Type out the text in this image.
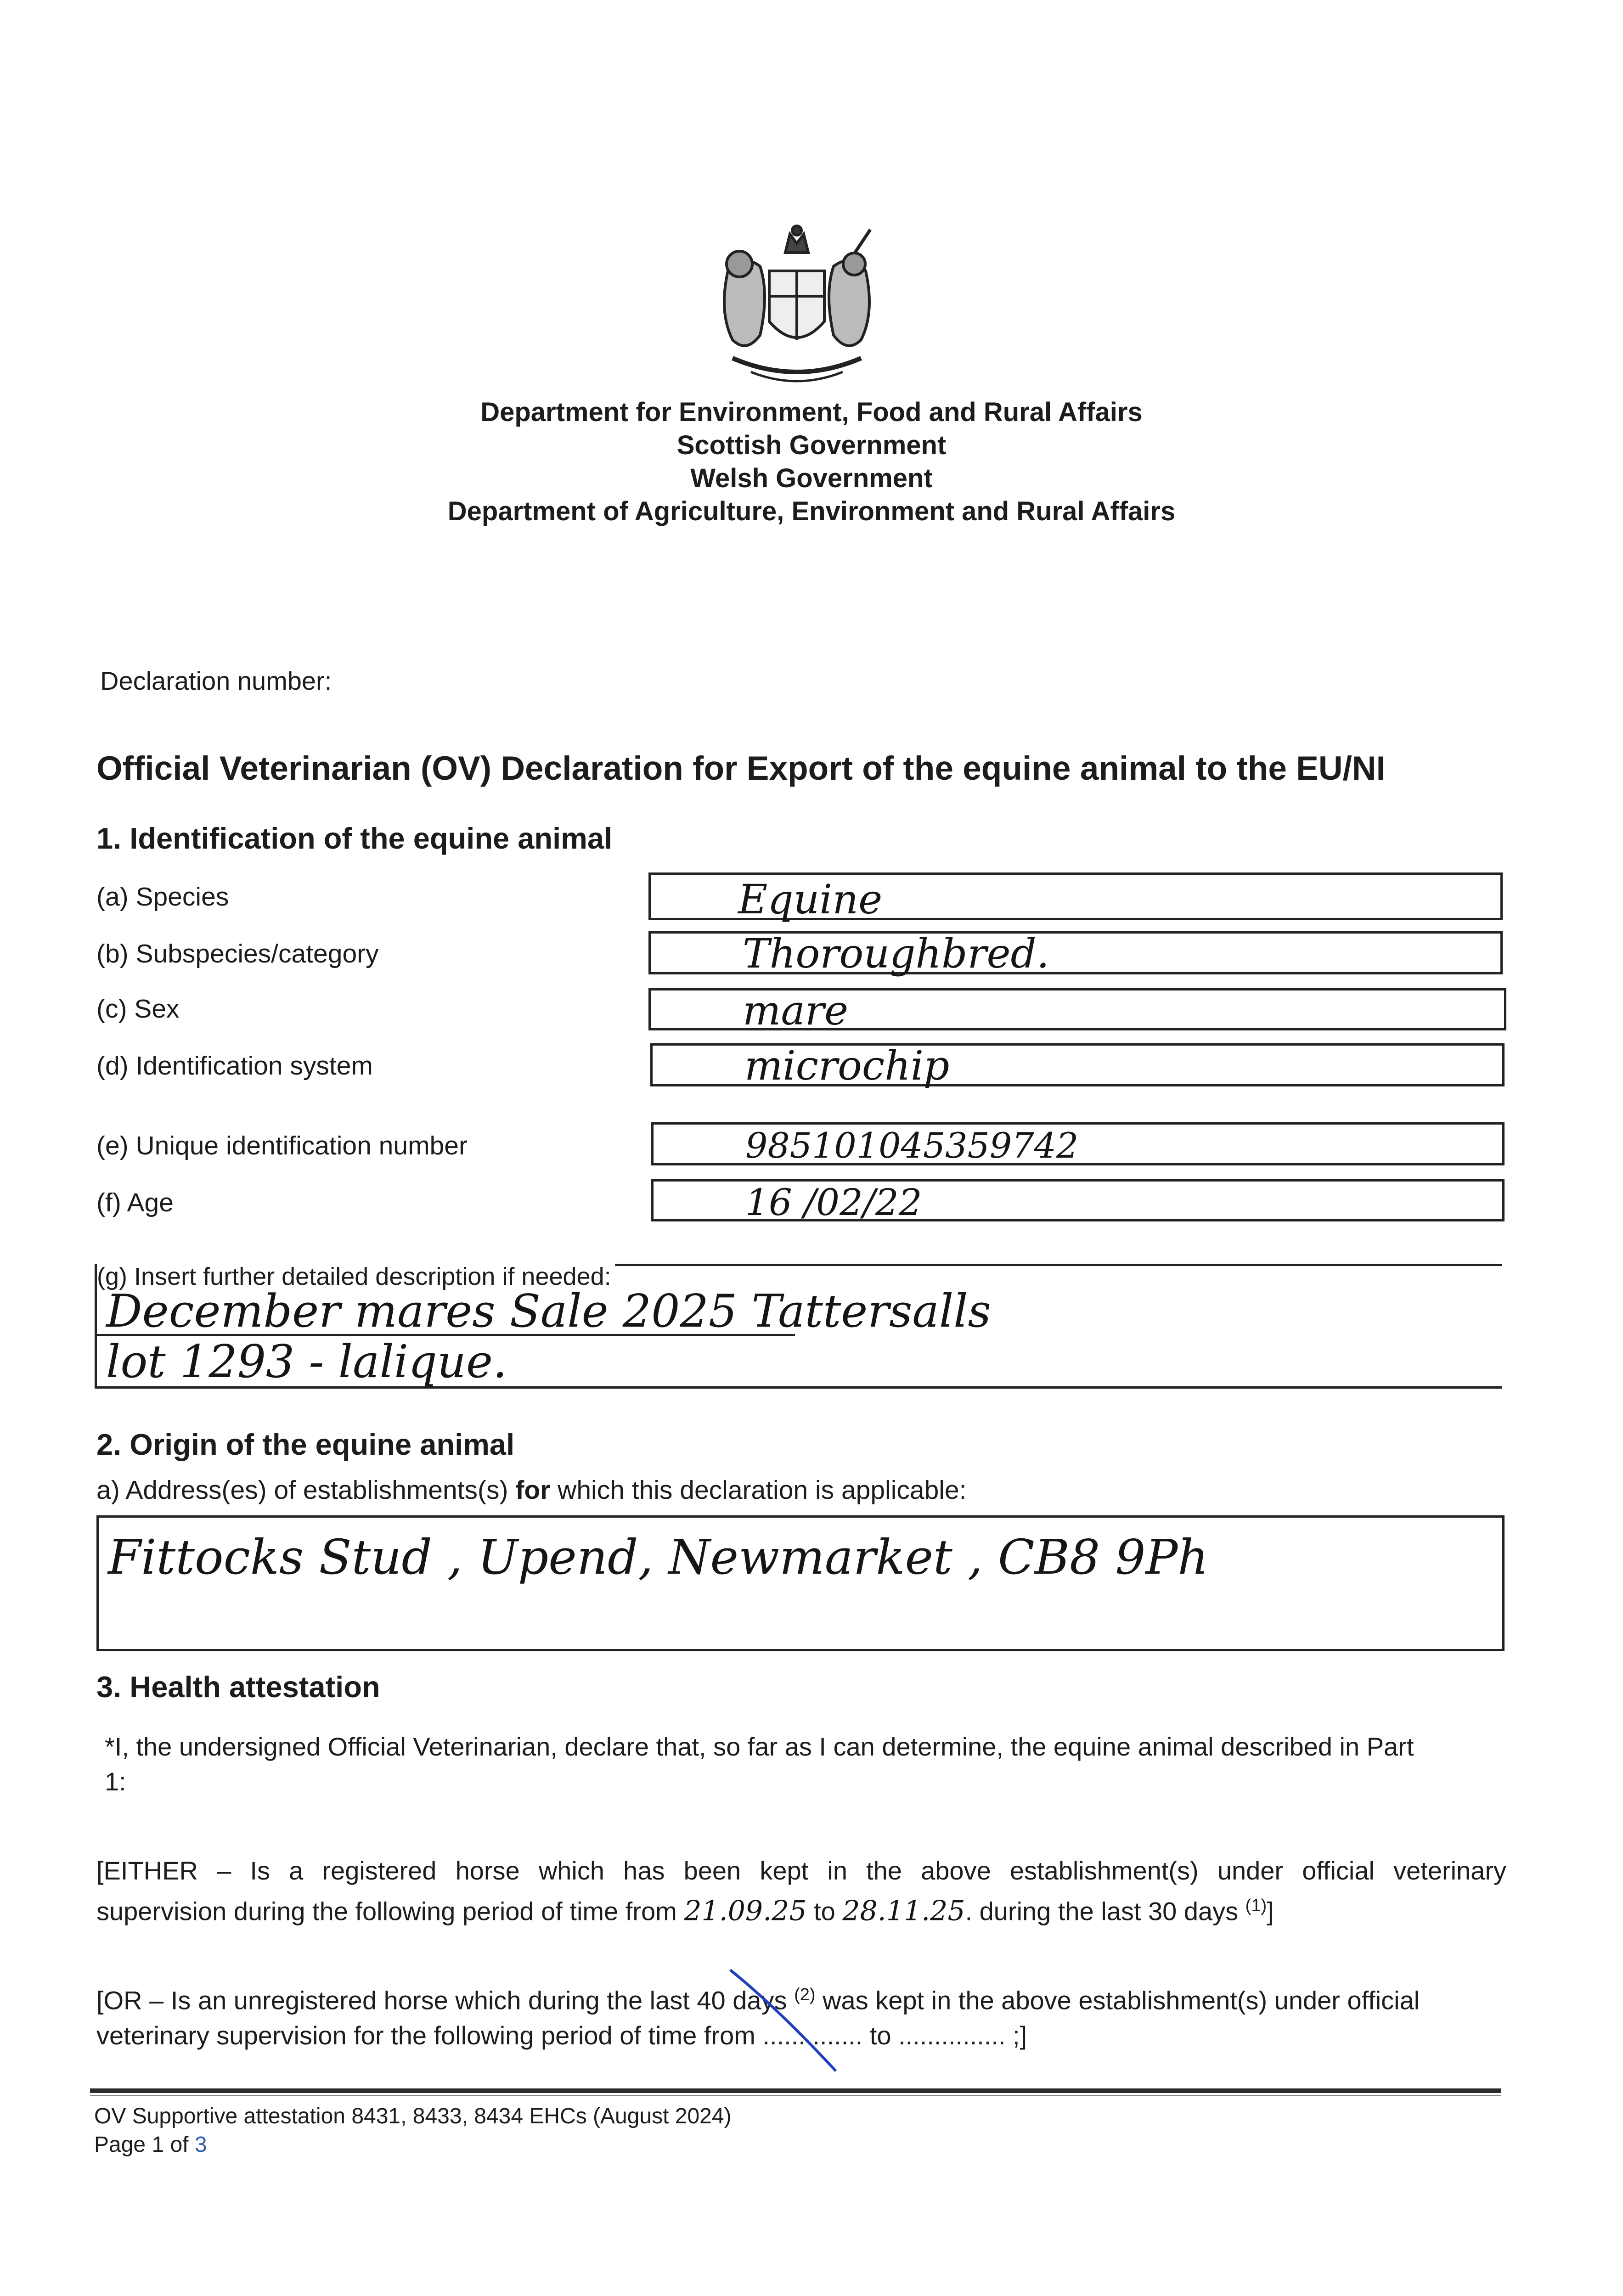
Department for Environment, Food and Rural Affairs
Scottish Government
Welsh Government
Department of Agriculture, Environment and Rural Affairs
Declaration number:
Official Veterinarian (OV) Declaration for Export of the equine animal to the EU/NI
1. Identification of the equine animal
(a) Species	Equine
(b) Subspecies/category	Thoroughbred.
(c) Sex	mare
(d) Identification system	microchip
(e) Unique identification number	985101045359742
(f) Age	16 /02/22
(g) Insert further detailed description if needed:
December mares Sale 2025 Tattersalls
lot 1293 - lalique.
2. Origin of the equine animal
a) Address(es) of establishments(s) for which this declaration is applicable:
Fittocks Stud , Upend, Newmarket , CB8 9Ph
3. Health attestation
*I, the undersigned Official Veterinarian, declare that, so far as I can determine, the equine animal described in Part
1:
[EITHER – Is a registered horse which has been kept in the above establishment(s) under official veterinary
supervision during the following period of time from 21.09.25 to 28.11.25. during the last 30 days $^{(1)}$]
[OR – Is an unregistered horse which during the last 40 days $^{(2)}$ was kept in the above establishment(s) under official
veterinary supervision for the following period of time from .............. to ............... ;]
OV Supportive attestation 8431, 8433, 8434 EHCs (August 2024)
Page 1 of 3
